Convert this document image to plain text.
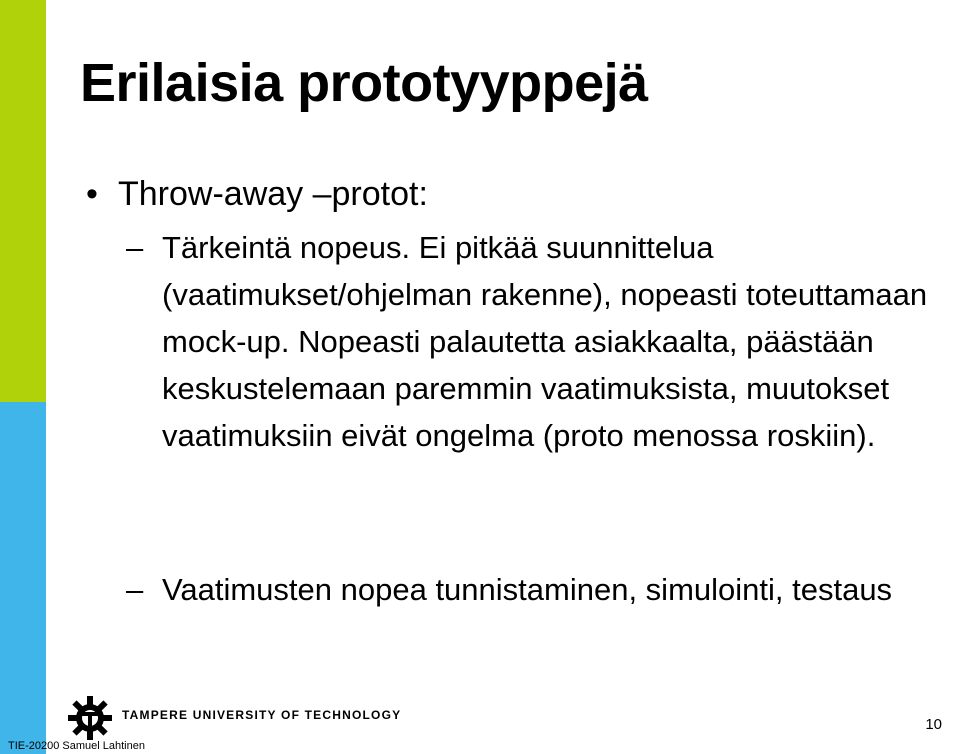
Erilaisia prototyyppejä
• Throw-away –protot:
– Tärkeintä nopeus. Ei pitkää suunnittelua (vaatimukset/ohjelman rakenne), nopeasti toteuttamaan mock-up. Nopeasti palautetta asiakkaalta, päästään keskustelemaan paremmin vaatimuksista, muutokset vaatimuksiin eivät ongelma (proto menossa roskiin).
– Vaatimusten nopea tunnistaminen, simulointi, testaus
TAMPERE UNIVERSITY OF TECHNOLOGY
TIE-20200 Samuel Lahtinen
10
